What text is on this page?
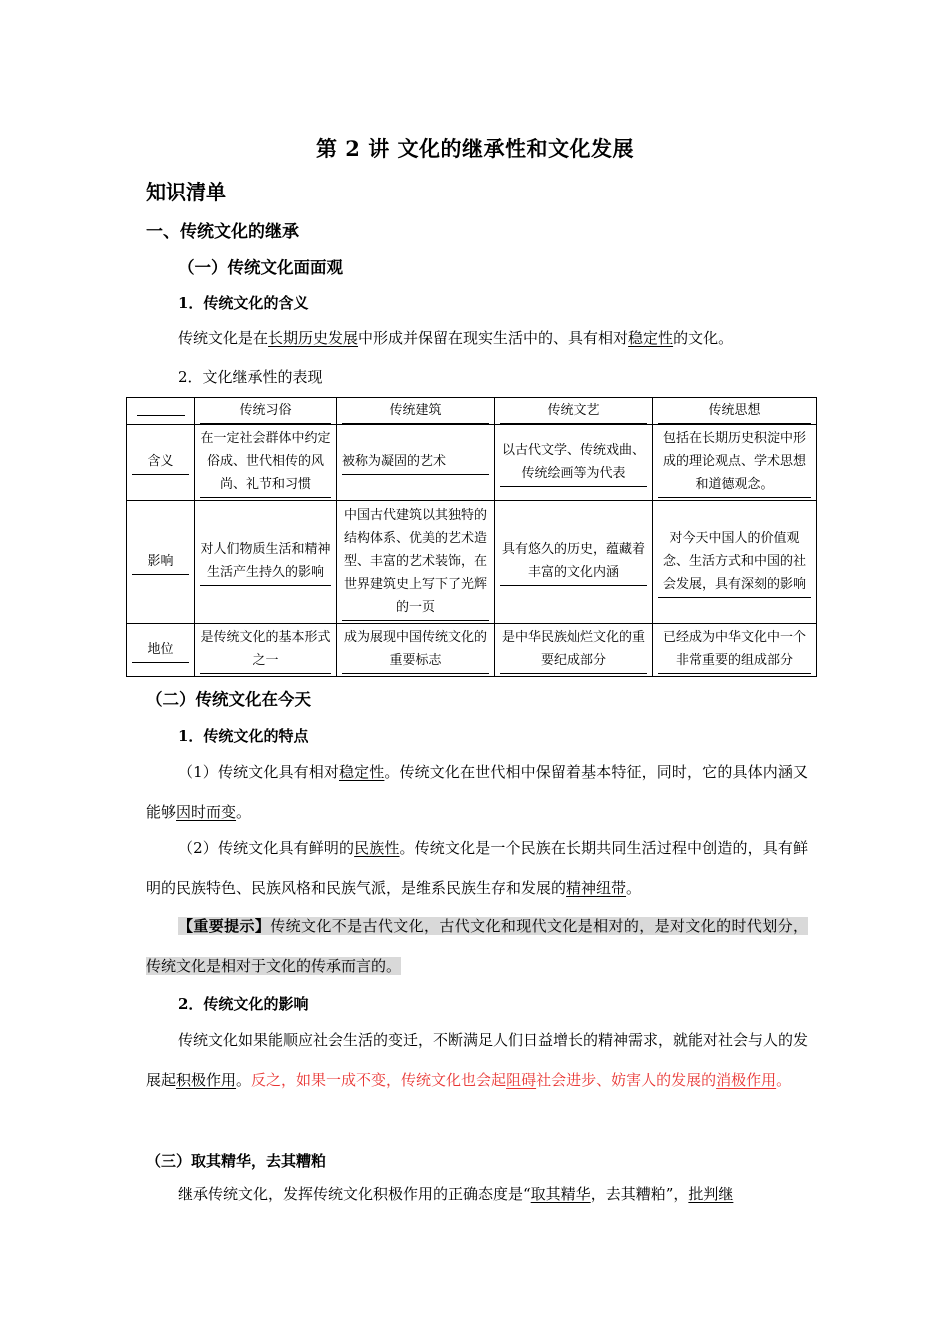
第 2 讲 文化的继承性和文化发展
知识清单
一、传统文化的继承
（一）传统文化面面观
1．传统文化的含义
传统文化是在长期历史发展中形成并保留在现实生活中的、具有相对稳定性的文化。
2．文化继承性的表现
	传统习俗	传统建筑	传统文艺	传统思想
含义	在一定社会群体中约定俗成、世代相传的风尚、礼节和习惯	被称为凝固的艺术	以古代文学、传统戏曲、传统绘画等为代表	包括在长期历史积淀中形成的理论观点、学术思想和道德观念。
影响	对人们物质生活和精神生活产生持久的影响	中国古代建筑以其独特的结构体系、优美的艺术造型、丰富的艺术装饰，在世界建筑史上写下了光辉的一页	具有悠久的历史，蕴藏着丰富的文化内涵	对今天中国人的价值观念、生活方式和中国的社会发展，具有深刻的影响
地位	是传统文化的基本形式之一	成为展现中国传统文化的重要标志	是中华民族灿烂文化的重要纪成部分	已经成为中华文化中一个非常重要的组成部分
（二）传统文化在今天
1．传统文化的特点
（1）传统文化具有相对稳定性。传统文化在世代相中保留着基本特征，同时，它的具体内涵又能够因时而变。
（2）传统文化具有鲜明的民族性。传统文化是一个民族在长期共同生活过程中创造的，具有鲜明的民族特色、民族风格和民族气派，是维系民族生存和发展的精神纽带。
【重要提示】传统文化不是古代文化，古代文化和现代文化是相对的，是对文化的时代划分，传统文化是相对于文化的传承而言的。
2．传统文化的影响
传统文化如果能顺应社会生活的变迁，不断满足人们日益增长的精神需求，就能对社会与人的发展起积极作用。反之，如果一成不变，传统文化也会起阻碍社会进步、妨害人的发展的消极作用。
（三）取其精华，去其糟粕
继承传统文化，发挥传统文化积极作用的正确态度是“取其精华，去其糟粕”，批判继
